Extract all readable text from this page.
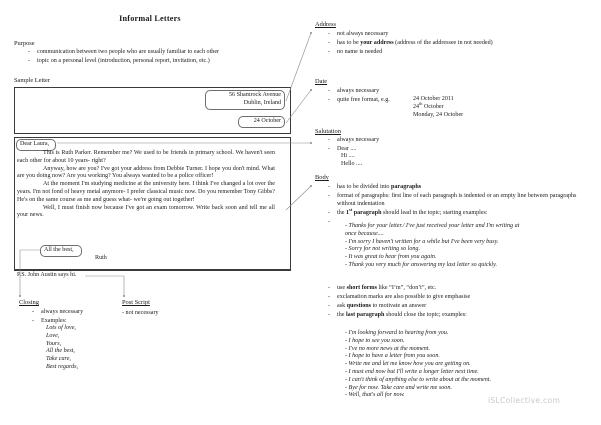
Informal Letters
Purpose
-	communication between two people who are usually familiar to each other
-	topic on a personal level (introduction, personal report, invitation, etc.)
Sample Letter
56 Shamrock Avenue
Dublin, Ireland
24 October
Dear Laura,

This is Ruth Parker. Remember me? We used to be friends in primary school. We haven't seen each other for about 10 years- right?

Anyway, how are you? I've got your address from Debbie Turner. I hope you don't mind. What are you doing now? Are you working? You always wanted to be a police officer!

At the moment I'm studying medicine at the university here. I think I've changed a lot over the years. I'm not fond of heavy metal anymore- I prefer classical music now. Do you remember Tony Gibbs? He's on the same course as me and guess what- we're going out together!

Well, I must finish now because I've got an exam tomorrow. Write back soon and tell me all your news.

All the best,
Ruth
P.S. John Austin says hi.
Closing
-	always necessary
-	Examples:
Lots of love,
Love,
Yours,
All the best,
Take care,
Best regards,
Post Script
- not necessary
Address
-	not always necessary
-	has to be your address (address of the addressee in not needed)
-	no name is needed
Date
-	always necessary
-	quite free format, e.g.	24 October 2011
24th October
Monday, 24 October
Salutation
-	always necessary
-	Dear ....
Hi ....
Hello ....
Body
-	has to be divided into paragraphs
-	format of paragraphs: first line of each paragraph is indented or an empty line between paragraphs without indentation
-	the 1st paragraph should lead in the topic; starting examples:
-
- Thanks for your letter./ I've just received your letter and I'm writing at
once because....
- I'm sorry I haven't written for a while but I've been very busy.
- Sorry for not writing so long.
- It was great to hear from you again.
- Thank you very much for answering my last letter so quickly.
-	use short forms like “I’m”, “don’t”, etc.
-	exclamation marks are also possible to give emphasise
-	ask questions to motivate an answer
-	the last paragraph should close the topic; examples:
- I'm looking forward to hearing from you.
- I hope to see you soon.
- I've no more news at the moment.
- I hope to have a letter from you soon.
- Write me and let me know how you are getting on.
- I must end now but I'll write a longer letter next time.
- I can't think of anything else to write about at the moment.
- Bye for now. Take care and write me soon.
- Well, that's all for now.
iSLCollective.com
